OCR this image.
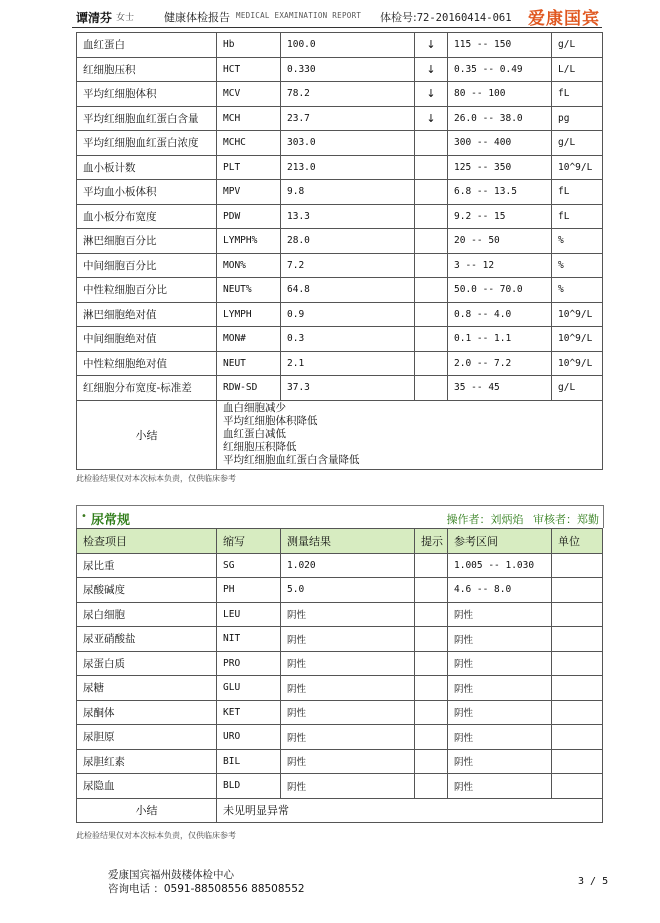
谭清芬 女士	健康体检报告 MEDICAL EXAMINATION REPORT 体检号:72-20160414-061 爱康国宾
血红蛋白	Hb	100.0	↓	115 -- 150	g/L
红细胞压积	HCT	0.330	↓	0.35 -- 0.49	L/L
平均红细胞体积	MCV	78.2	↓	80 -- 100	fL
平均红细胞血红蛋白含量	MCH	23.7	↓	26.0 -- 38.0	pg
平均红细胞血红蛋白浓度	MCHC	303.0		300 -- 400	g/L
血小板计数	PLT	213.0		125 -- 350	10^9/L
平均血小板体积	MPV	9.8		6.8 -- 13.5	fL
血小板分布宽度	PDW	13.3		9.2 -- 15	fL
淋巴细胞百分比	LYMPH%	28.0		20 -- 50	%
中间细胞百分比	MON%	7.2		3 -- 12	%
中性粒细胞百分比	NEUT%	64.8		50.0 -- 70.0	%
淋巴细胞绝对值	LYMPH	0.9		0.8 -- 4.0	10^9/L
中间细胞绝对值	MON#	0.3		0.1 -- 1.1	10^9/L
中性粒细胞绝对值	NEUT	2.1		2.0 -- 7.2	10^9/L
红细胞分布宽度-标准差	RDW-SD	37.3		35 -- 45	g/L
小结	血白细胞减少
平均红细胞体积降低
血红蛋白减低
红细胞压积降低
平均红细胞血红蛋白含量降低				
此检验结果仅对本次标本负责，仅供临床参考
• 尿常规	操作者：刘炳焰 审核者：郑勤
检查项目	缩写	测量结果	提示	参考区间	单位
尿比重	SG	1.020		1.005 -- 1.030	
尿酸碱度	PH	5.0		4.6 -- 8.0	
尿白细胞	LEU	阴性		阴性	
尿亚硝酸盐	NIT	阴性		阴性	
尿蛋白质	PRO	阴性		阴性	
尿糖	GLU	阴性		阴性	
尿酮体	KET	阴性		阴性	
尿胆原	URO	阴性		阴性	
尿胆红素	BIL	阴性		阴性	
尿隐血	BLD	阴性		阴性	
小结	未见明显异常				
此检验结果仅对本次标本负责，仅供临床参考
爱康国宾福州鼓楼体检中心
咨询电话 ：0591-88508556 88508552
3 / 5
